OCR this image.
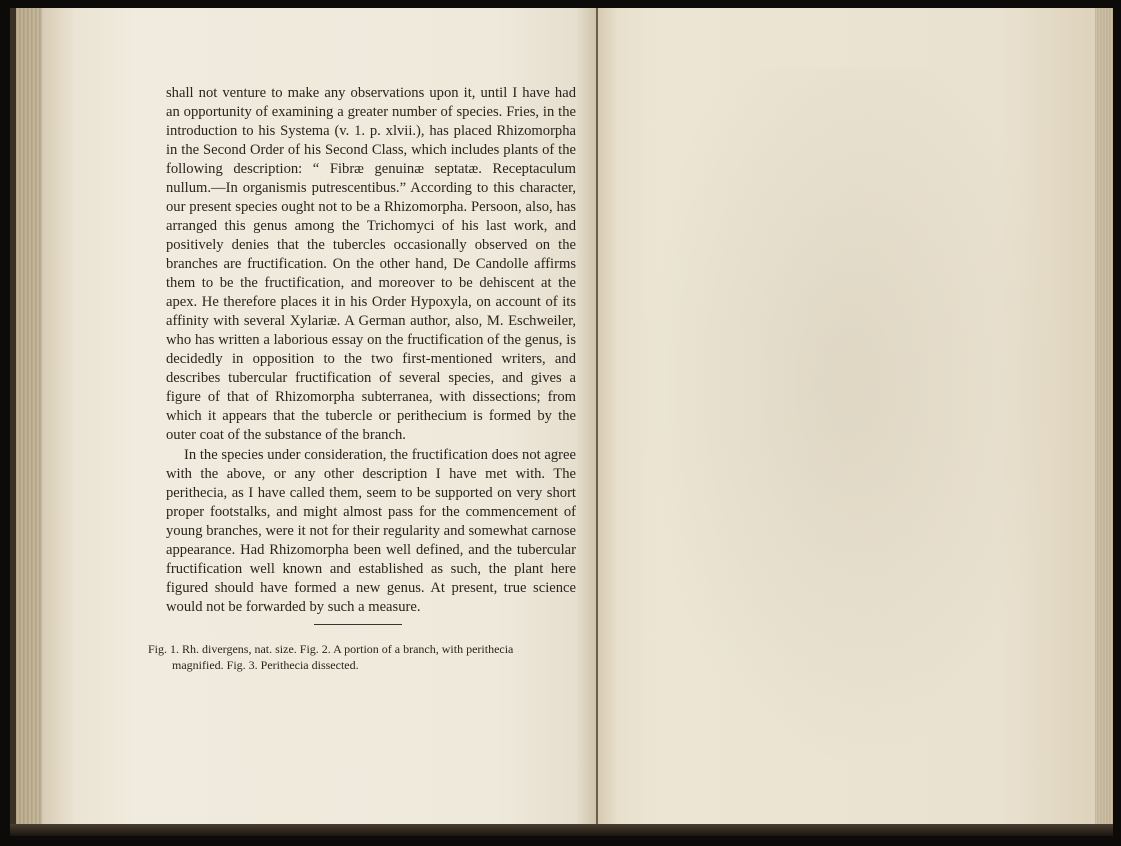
shall not venture to make any observations upon it, until I have had an opportunity of examining a greater number of species. Fries, in the introduction to his Systema (v. 1. p. xlvii.), has placed Rhizomorpha in the Second Order of his Second Class, which includes plants of the following description: “ Fibræ genuinæ septatæ. Receptaculum nullum.—In organismis putrescentibus.” According to this character, our present species ought not to be a Rhizomorpha. Persoon, also, has arranged this genus among the Trichomyci of his last work, and positively denies that the tubercles occasionally observed on the branches are fructification. On the other hand, De Candolle affirms them to be the fructification, and moreover to be dehiscent at the apex. He therefore places it in his Order Hypoxyla, on account of its affinity with several Xylariæ. A German author, also, M. Eschweiler, who has written a laborious essay on the fructification of the genus, is decidedly in opposition to the two first-mentioned writers, and describes tubercular fructification of several species, and gives a figure of that of Rhizomorpha subterranea, with dissections; from which it appears that the tubercle or perithecium is formed by the outer coat of the substance of the branch.

In the species under consideration, the fructification does not agree with the above, or any other description I have met with. The perithecia, as I have called them, seem to be supported on very short proper footstalks, and might almost pass for the commencement of young branches, were it not for their regularity and somewhat carnose appearance. Had Rhizomorpha been well defined, and the tubercular fructification well known and established as such, the plant here figured should have formed a new genus. At present, true science would not be forwarded by such a measure.

Fig. 1. Rh. divergens, nat. size. Fig. 2. A portion of a branch, with perithecia
magnified. Fig. 3. Perithecia dissected.
